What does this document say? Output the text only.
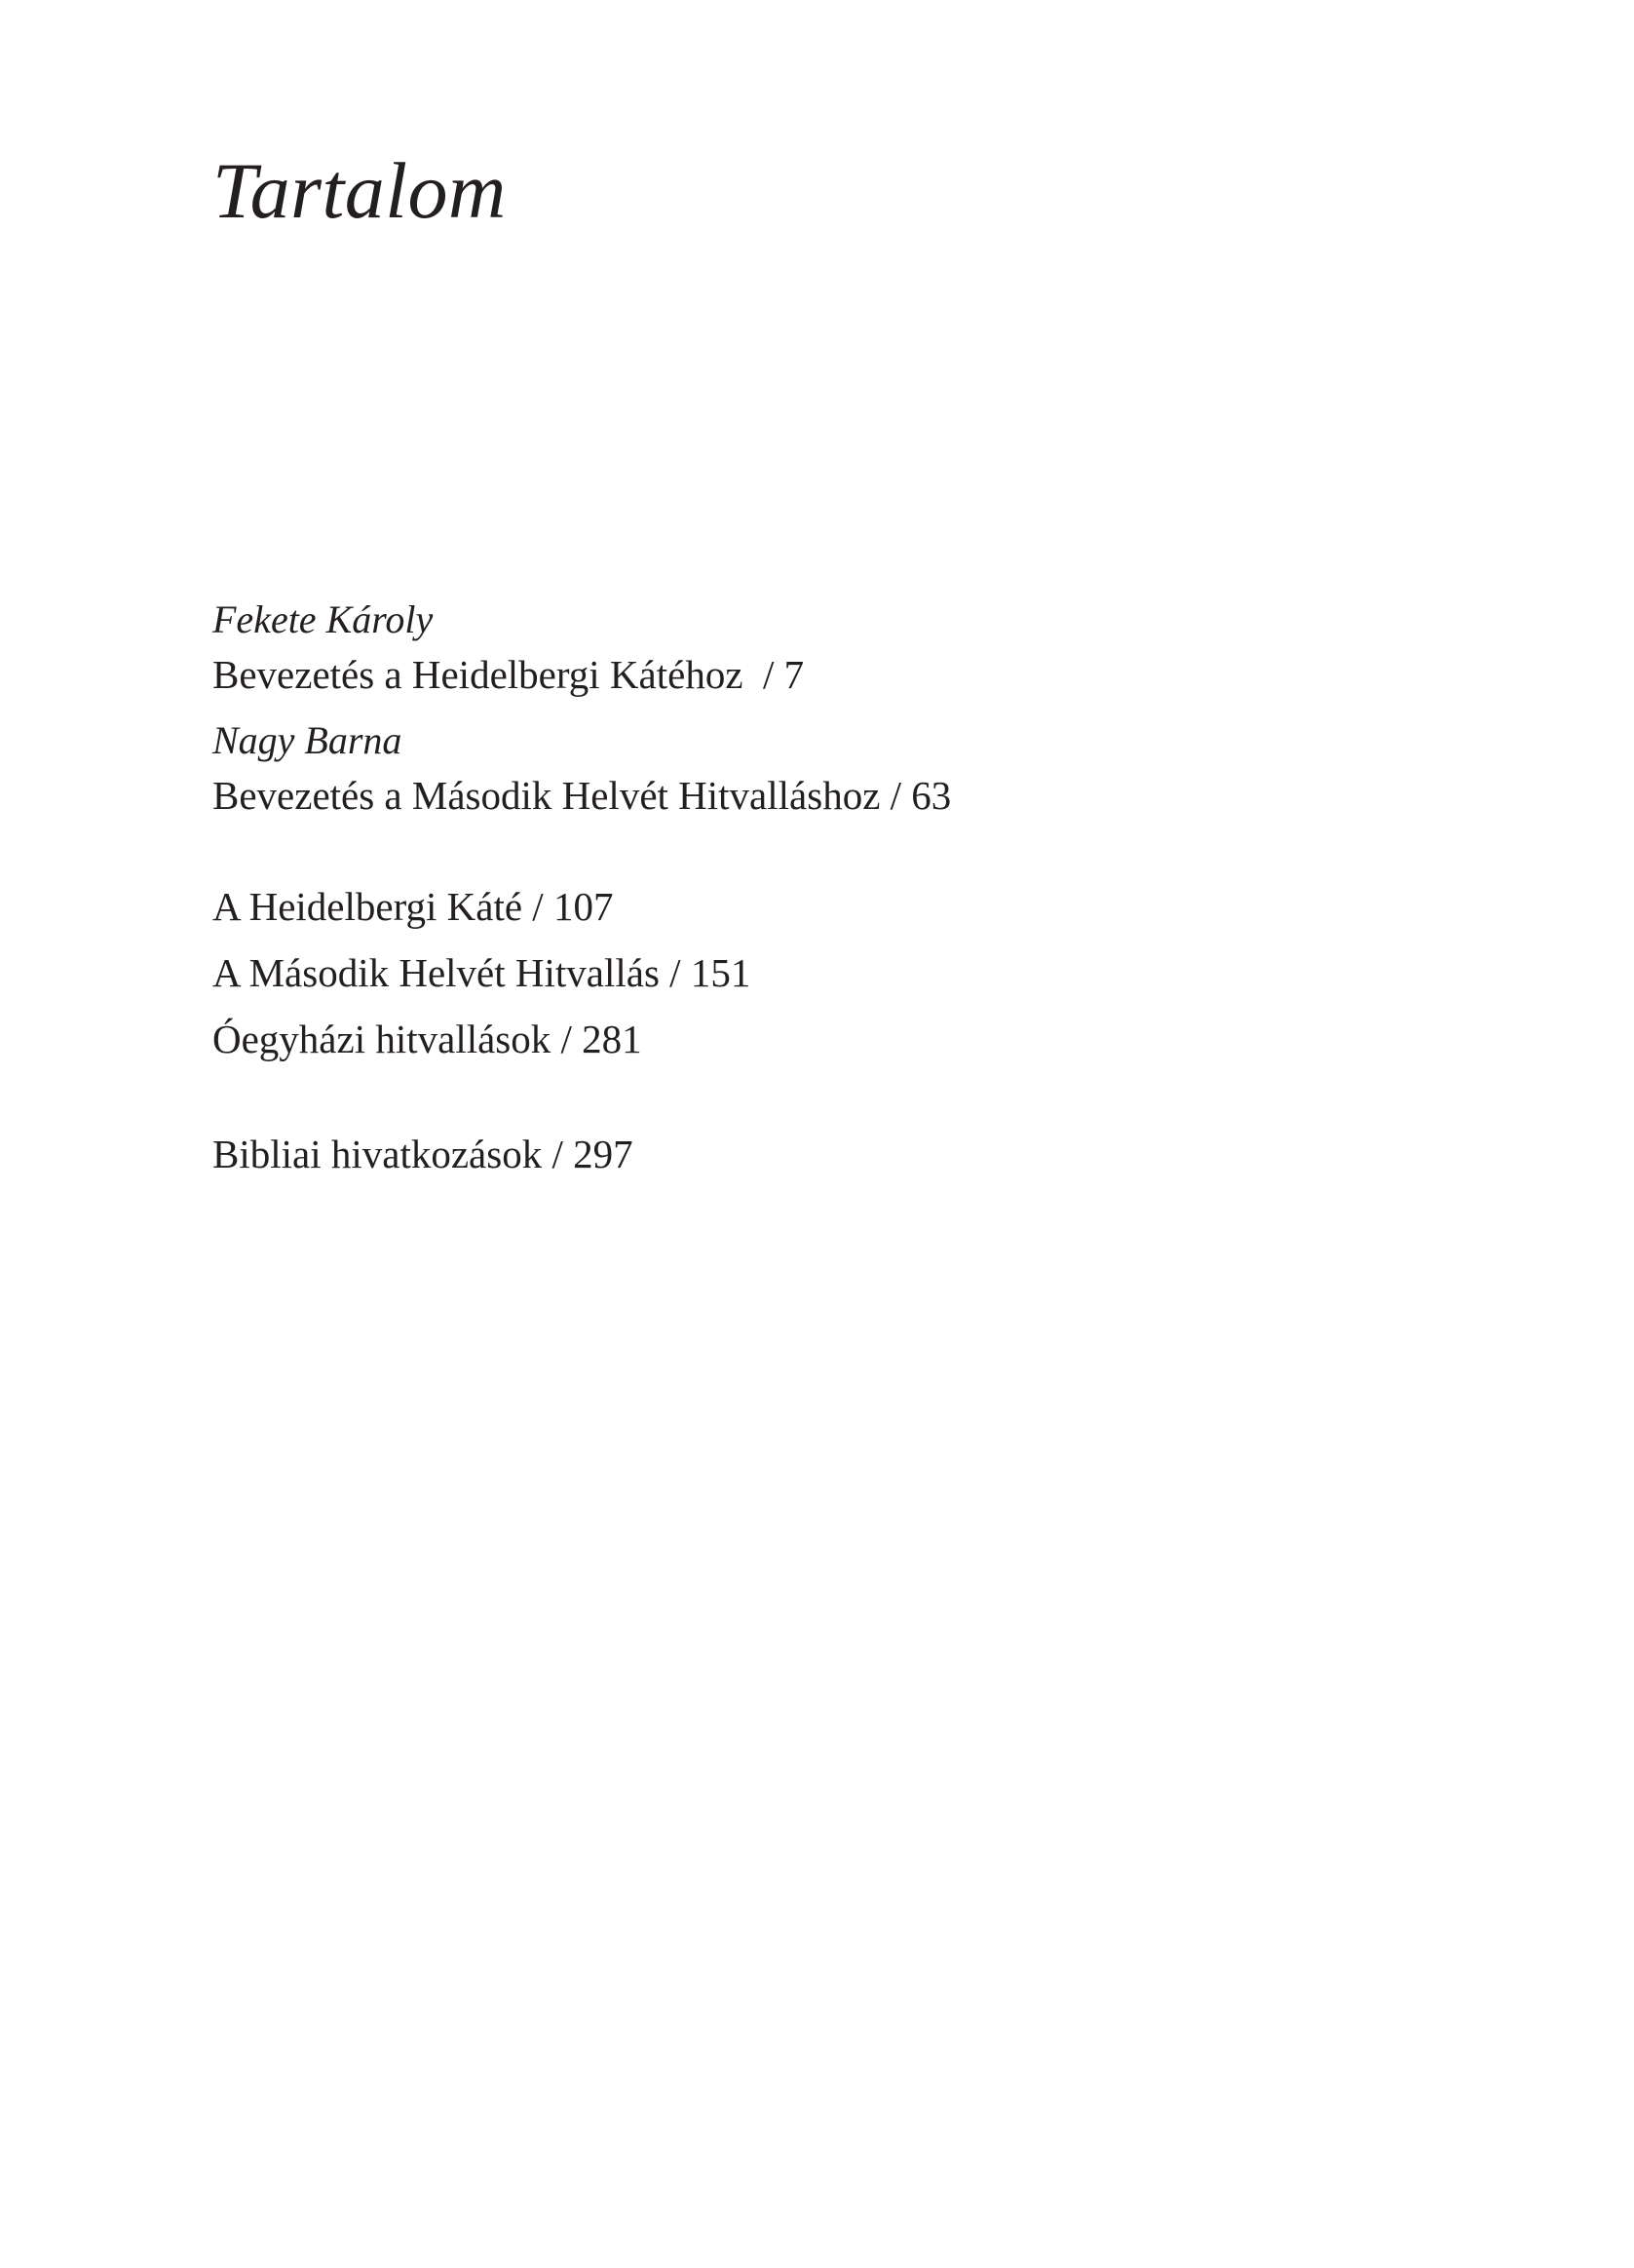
Tartalom
Fekete Károly
Bevezetés a Heidelbergi Kátéhoz  / 7
Nagy Barna
Bevezetés a Második Helvét Hitvalláshoz / 63
A Heidelbergi Káté / 107
A Második Helvét Hitvallás / 151
Óegyházi hitvallások / 281
Bibliai hivatkozások / 297
